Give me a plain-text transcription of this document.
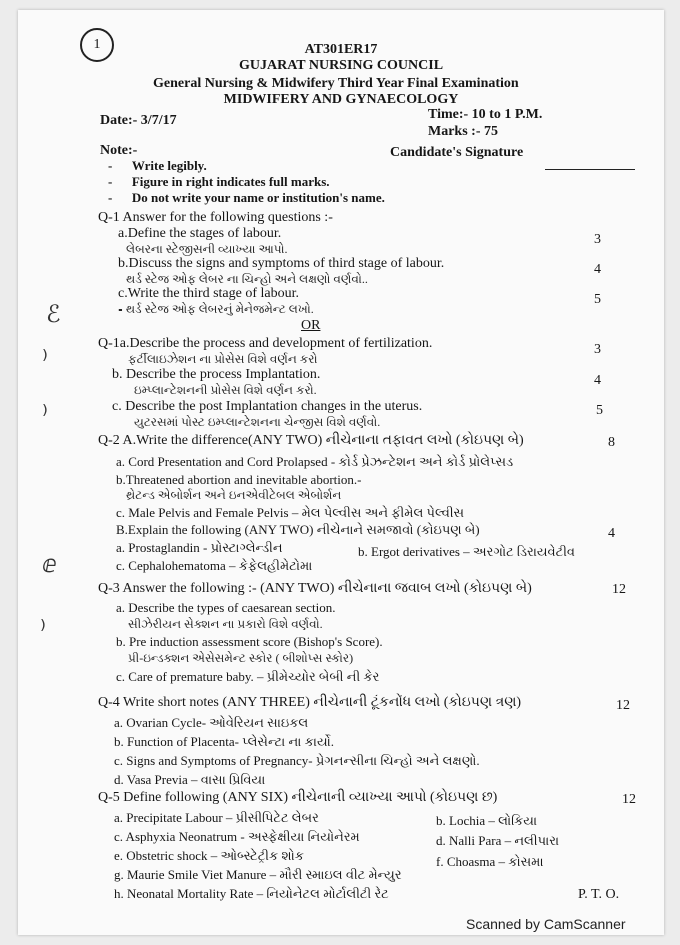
1	AT301ER17
GUJARAT NURSING COUNCIL
General Nursing & Midwifery Third Year Final Examination
MIDWIFERY AND GYNAECOLOGY
Date:- 3/7/17	Time:- 10 to 1 P.M.
Marks :- 75
Candidate's Signature
Note:-
-      Write legibly.
-      Figure in right indicates full marks.
-      Do not write your name or institution's name.
Q-1 Answer for the following questions :-
a.Define the stages of labour.
લેબરના સ્ટેજીસની વ્યાખ્યા આપો.
3
b.Discuss the signs and symptoms of third stage of labour.
થર્ડ સ્ટેજ ઓફ લેબર ના ચિન્હો અને લક્ષણો વર્ણવો..
4
c.Write the third stage of labour.
⁃ થર્ડ સ્ટેજ ઓફ લેબરનું મેનેજમેન્ટ લખો.
5
OR
Q-1a.Describe the process and development of fertilization.
ફર્ટીલાઇઝેશન ના પ્રોસેસ વિશે વર્ણન કરો
3
b. Describe the process Implantation.
ઇમ્પ્લાન્ટેશનની પ્રોસેસ વિશે વર્ણન કરો.
4
c. Describe the post Implantation changes in the uterus.
યુટરસમાં પોસ્ટ ઇમ્પ્લાન્ટેશનના ચેન્જીસ વિશે વર્ણવો.
5
Q-2 A.Write the difference(ANY TWO) નીચેનાના તફાવત લખો (કોઇપણ બે)	8
a. Cord Presentation and Cord Prolapsed - કોર્ડ પ્રેઝન્ટેશન અને કોર્ડ પ્રોલેપ્સડ
b.Threatened abortion and inevitable abortion.-
થ્રેટન્ડ એબોર્શન અને ઇનએવીટેબલ એબોર્શન
c. Male Pelvis and Female Pelvis – મેલ પેલ્વીસ અને ફીમેલ પેલ્વીસ
B.Explain the following (ANY TWO) નીચેનાને સમજાવો (કોઇપણ બે)	4
a. Prostaglandin - પ્રોસ્ટાગ્લેન્ડીન	b. Ergot derivatives – અરગોટ ડિરાયવેટીવ
c. Cephalohematoma – કેફેલહીમેટોમા
Q-3 Answer the following :- (ANY TWO) નીચેનાના જવાબ લખો (કોઇપણ બે)	12
a. Describe the types of caesarean section.
સીઝેરીયન સેક્શન ના પ્રકારો વિશે વર્ણવો.
b. Pre induction assessment score (Bishop's Score).
પ્રી-ઇન્ડક્શન એસેસમેન્ટ સ્કોર ( બીશોપ્સ સ્કોર)
c. Care of premature baby. – પ્રીમેચ્યોર બેબી ની કેર
Q-4 Write short notes (ANY THREE) નીચેનાની ટૂંકનોંધ લખો (કોઇપણ ત્રણ)	12
a. Ovarian Cycle- ઓવેરિયન સાઇકલ
b. Function of Placenta- પ્લેસેન્ટા ના કાર્યો.
c. Signs and Symptoms of Pregnancy- પ્રેગનન્સીના ચિન્હો અને લક્ષણો.
d. Vasa Previa – વાસા પ્રિવિયા
Q-5 Define following (ANY SIX) નીચેનાની વ્યાખ્યા આપો (કોઇપણ છ)	12
a. Precipitate Labour – પ્રીસીપિટેટ લેબર	b. Lochia – લોકિયા
c. Asphyxia Neonatrum - અસ્ફેક્ષીયા નિયોનેરમ	d. Nalli Para – નલીપારા
e. Obstetric shock – ઓબ્સ્ટેટ્રીક શોક	f. Choasma – કોસમા
g. Maurie Smile Viet Manure – મૌરી સ્માઇલ વીટ મેન્યુર
h. Neonatal Mortality Rate – નિયોનેટલ મોર્ટાલીટી રેટ	P. T. O.
ℰ
⁾
⁾
ⅇ
⁾
Scanned by CamScanner
